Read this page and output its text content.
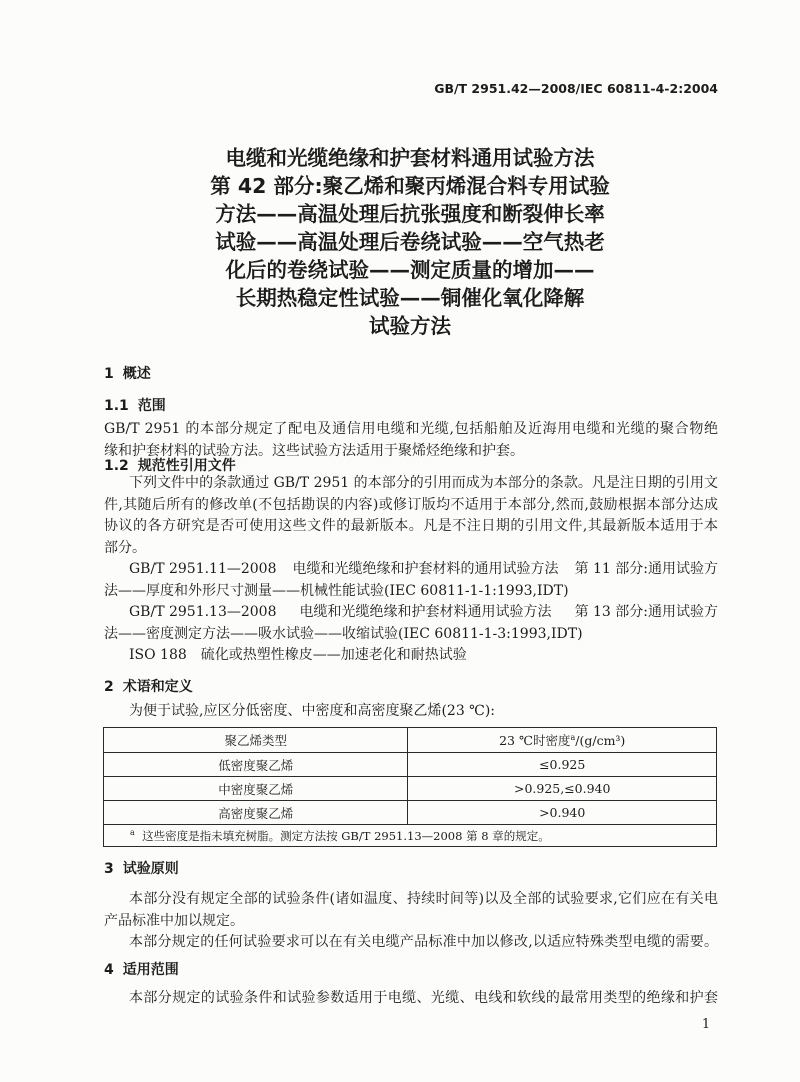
GB/T 2951.42—2008/IEC 60811-4-2:2004
电缆和光缆绝缘和护套材料通用试验方法
第 42 部分:聚乙烯和聚丙烯混合料专用试验
方法——高温处理后抗张强度和断裂伸长率
试验——高温处理后卷绕试验——空气热老
化后的卷绕试验——测定质量的增加——
长期热稳定性试验——铜催化氧化降解
试验方法
1 概述
1.1 范围
GB/T 2951 的本部分规定了配电及通信用电缆和光缆,包括船舶及近海用电缆和光缆的聚合物绝
缘和护套材料的试验方法。这些试验方法适用于聚烯烃绝缘和护套。
1.2 规范性引用文件
下列文件中的条款通过 GB/T 2951 的本部分的引用而成为本部分的条款。凡是注日期的引用文
件,其随后所有的修改单(不包括勘误的内容)或修订版均不适用于本部分,然而,鼓励根据本部分达成
协议的各方研究是否可使用这些文件的最新版本。凡是不注日期的引用文件,其最新版本适用于本
部分。
GB/T 2951.11—2008 电缆和光缆绝缘和护套材料的通用试验方法 第 11 部分:通用试验方
法——厚度和外形尺寸测量——机械性能试验(IEC 60811-1-1:1993,IDT)
GB/T 2951.13—2008 电缆和光缆绝缘和护套材料通用试验方法 第 13 部分:通用试验方
法——密度测定方法——吸水试验——收缩试验(IEC 60811-1-3:1993,IDT)
ISO 188 硫化或热塑性橡皮——加速老化和耐热试验
2 术语和定义
为便于试验,应区分低密度、中密度和高密度聚乙烯(23 ℃):
聚乙烯类型	23 ℃时密度$^a$/(g/cm³)
低密度聚乙烯	≤0.925
中密度聚乙烯	>0.925,≤0.940
高密度聚乙烯	>0.940
$^a$ 这些密度是指未填充树脂。测定方法按 GB/T 2951.13—2008 第 8 章的规定。	
3 试验原则
本部分没有规定全部的试验条件(诸如温度、持续时间等)以及全部的试验要求,它们应在有关电
产品标准中加以规定。
本部分规定的任何试验要求可以在有关电缆产品标准中加以修改,以适应特殊类型电缆的需要。
4 适用范围
本部分规定的试验条件和试验参数适用于电缆、光缆、电线和软线的最常用类型的绝缘和护套
1
